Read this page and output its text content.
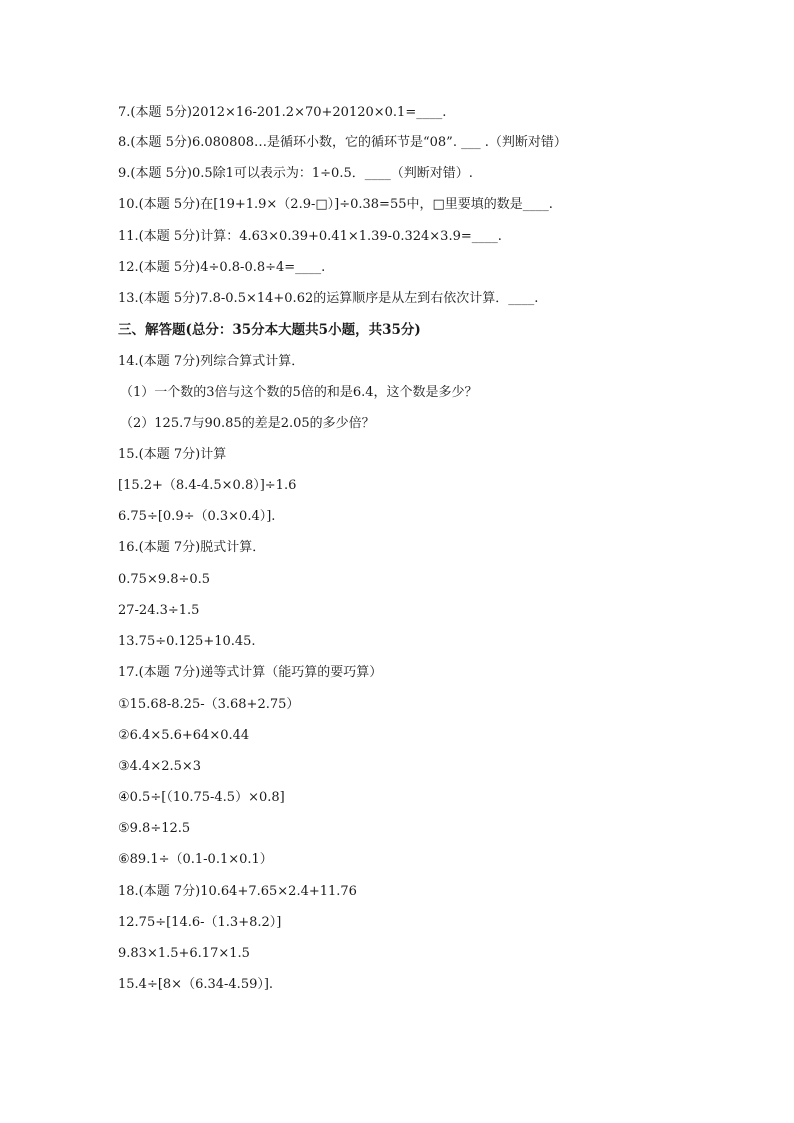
7.(本题 5分)2012×16-201.2×70+20120×0.1=____.
8.(本题 5分)6.080808…是循环小数，它的循环节是“08”. ___ .（判断对错）
9.(本题 5分)0.5除1可以表示为：1÷0.5．____（判断对错）.
10.(本题 5分)在[19+1.9×（2.9-□）]÷0.38=55中，□里要填的数是____.
11.(本题 5分)计算：4.63×0.39+0.41×1.39-0.324×3.9=____.
12.(本题 5分)4÷0.8-0.8÷4=____.
13.(本题 5分)7.8-0.5×14+0.62的运算顺序是从左到右依次计算．____.
三、解答题(总分：35分本大题共5小题，共35分)
14.(本题 7分)列综合算式计算．
（1）一个数的3倍与这个数的5倍的和是6.4，这个数是多少？
（2）125.7与90.85的差是2.05的多少倍？
15.(本题 7分)计算
[15.2+（8.4-4.5×0.8）]÷1.6
6.75÷[0.9÷（0.3×0.4）].
16.(本题 7分)脱式计算．
0.75×9.8÷0.5
27-24.3÷1.5
13.75÷0.125+10.45.
17.(本题 7分)递等式计算（能巧算的要巧算）
①15.68-8.25-（3.68+2.75）
②6.4×5.6+64×0.44
③4.4×2.5×3
④0.5÷[（10.75-4.5）×0.8]
⑤9.8÷12.5
⑥89.1÷（0.1-0.1×0.1）
18.(本题 7分)10.64+7.65×2.4+11.76
12.75÷[14.6-（1.3+8.2）]
9.83×1.5+6.17×1.5
15.4÷[8×（6.34-4.59）].
